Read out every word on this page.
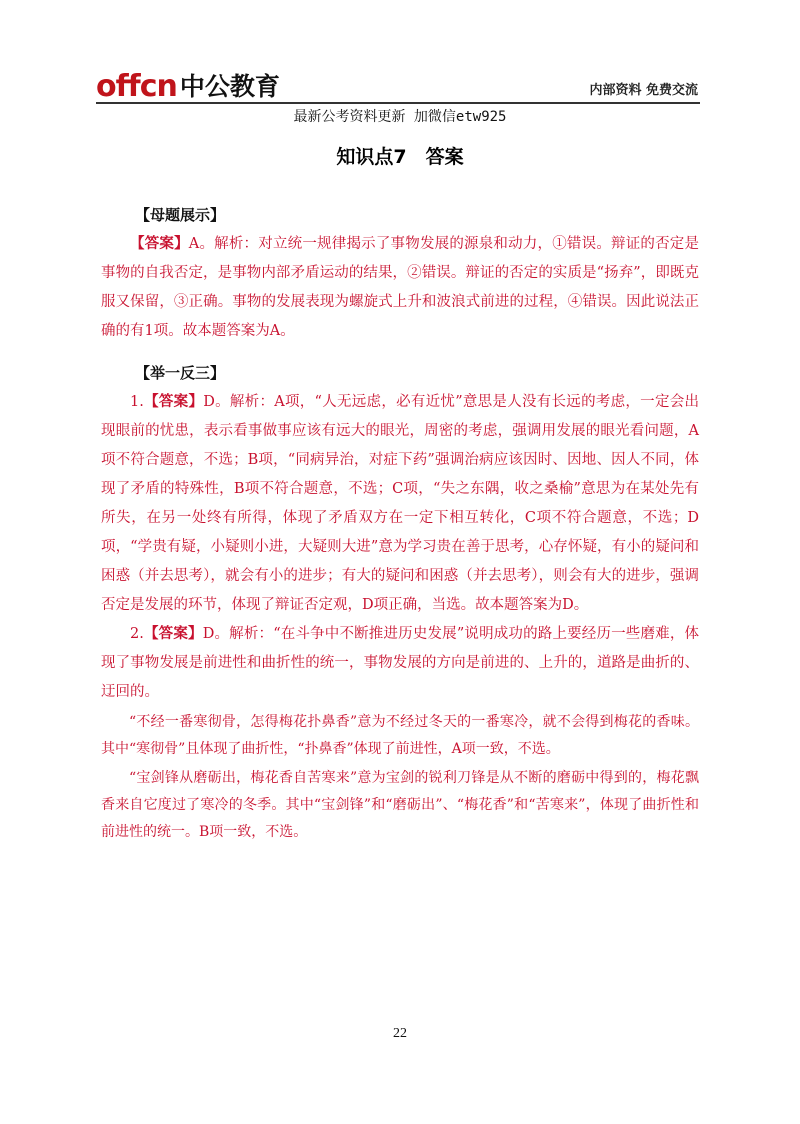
offcn 中公教育	内部资料 免费交流
最新公考资料更新 加微信etw925
知识点7　答案
【母题展示】

【答案】A。解析：对立统一规律揭示了事物发展的源泉和动力，①错误。辩证的否定是事物的自我否定，是事物内部矛盾运动的结果，②错误。辩证的否定的实质是“扬弃”，即既克服又保留，③正确。事物的发展表现为螺旋式上升和波浪式前进的过程，④错误。因此说法正确的有1项。故本题答案为A。

【举一反三】

1.【答案】D。解析：A项，“人无远虑，必有近忧”意思是人没有长远的考虑，一定会出现眼前的忧患，表示看事做事应该有远大的眼光，周密的考虑，强调用发展的眼光看问题，A项不符合题意，不选；B项，“同病异治，对症下药”强调治病应该因时、因地、因人不同，体现了矛盾的特殊性，B项不符合题意，不选；C项，“失之东隅，收之桑榆”意思为在某处先有所失，在另一处终有所得，体现了矛盾双方在一定下相互转化，C项不符合题意，不选；D项，“学贵有疑，小疑则小进，大疑则大进”意为学习贵在善于思考，心存怀疑，有小的疑问和困惑（并去思考），就会有小的进步；有大的疑问和困惑（并去思考），则会有大的进步，强调否定是发展的环节，体现了辩证否定观，D项正确，当选。故本题答案为D。

2.【答案】D。解析：“在斗争中不断推进历史发展”说明成功的路上要经历一些磨难，体现了事物发展是前进性和曲折性的统一，事物发展的方向是前进的、上升的，道路是曲折的、迂回的。

“不经一番寒彻骨，怎得梅花扑鼻香”意为不经过冬天的一番寒冷，就不会得到梅花的香味。其中“寒彻骨”且体现了曲折性，“扑鼻香”体现了前进性，A项一致，不选。

“宝剑锋从磨砺出，梅花香自苦寒来”意为宝剑的锐利刀锋是从不断的磨砺中得到的，梅花飘香来自它度过了寒冷的冬季。其中“宝剑锋”和“磨砺出”、“梅花香”和“苦寒来”，体现了曲折性和前进性的统一。B项一致，不选。

22
